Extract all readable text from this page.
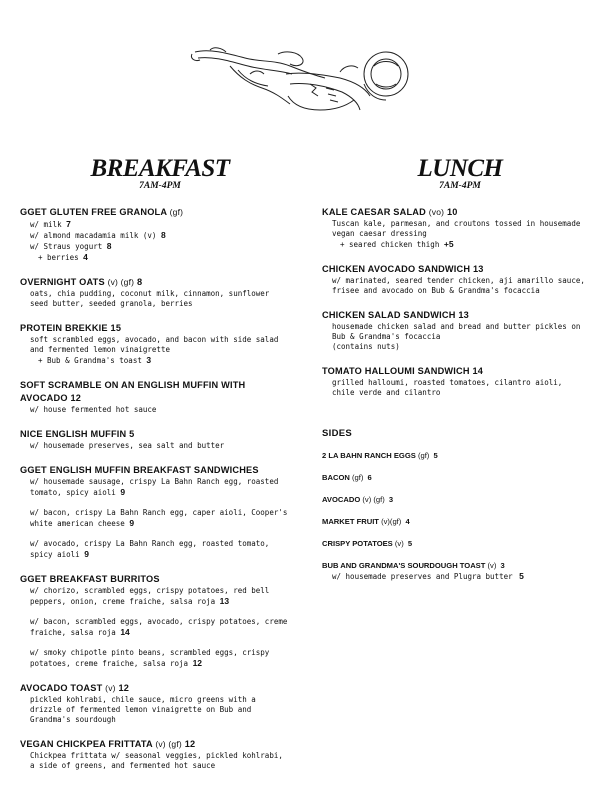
BREAKFAST
7AM-4PM
LUNCH
7AM-4PM
GGET GLUTEN FREE GRANOLA (gf)
w/ milk 7
w/ almond macadamia milk (v) 8
w/ Straus yogurt 8
+ berries 4
OVERNIGHT OATS (v) (gf) 8
oats, chia pudding, coconut milk, cinnamon, sunflower seed butter, seeded granola, berries
PROTEIN BREKKIE 15
soft scrambled eggs, avocado, and bacon with side salad and fermented lemon vinaigrette
+ Bub & Grandma's toast 3
SOFT SCRAMBLE ON AN ENGLISH MUFFIN WITH AVOCADO 12
w/ house fermented hot sauce
NICE ENGLISH MUFFIN 5
w/ housemade preserves, sea salt and butter
GGET ENGLISH MUFFIN BREAKFAST SANDWICHES
w/ housemade sausage, crispy La Bahn Ranch egg, roasted tomato, spicy aioli 9
w/ bacon, crispy La Bahn Ranch egg, caper aioli, Cooper's white american cheese 9
w/ avocado, crispy La Bahn Ranch egg, roasted tomato, spicy aioli 9
GGET BREAKFAST BURRITOS
w/ chorizo, scrambled eggs, crispy potatoes, red bell peppers, onion, creme fraiche, salsa roja 13
w/ bacon, scrambled eggs, avocado, crispy potatoes, creme fraiche, salsa roja 14
w/ smoky chipotle pinto beans, scrambled eggs, crispy potatoes, creme fraiche, salsa roja 12
AVOCADO TOAST (v) 12
pickled kohlrabi, chile sauce, micro greens with a drizzle of fermented lemon vinaigrette on Bub and Grandma's sourdough
VEGAN CHICKPEA FRITTATA (v) (gf) 12
Chickpea frittata w/ seasonal veggies, pickled kohlrabi, a side of greens, and fermented hot sauce
KALE CAESAR SALAD (vo) 10
Tuscan kale, parmesan, and croutons tossed in housemade vegan caesar dressing
+ seared chicken thigh +5
CHICKEN AVOCADO SANDWICH 13
w/ marinated, seared tender chicken, aji amarillo sauce, frisee and avocado on Bub & Grandma's focaccia
CHICKEN SALAD SANDWICH 13
housemade chicken salad and bread and butter pickles on Bub & Grandma's focaccia
(contains nuts)
TOMATO HALLOUMI SANDWICH 14
grilled halloumi, roasted tomatoes, cilantro aioli, chile verde and cilantro
SIDES
2 LA BAHN RANCH EGGS (gf) 5
BACON (gf) 6
AVOCADO (v) (gf) 3
MARKET FRUIT (v)(gf) 4
CRISPY POTATOES (v) 5
BUB AND GRANDMA'S SOURDOUGH TOAST (v) 3
w/ housemade preserves and Plugra butter 5
